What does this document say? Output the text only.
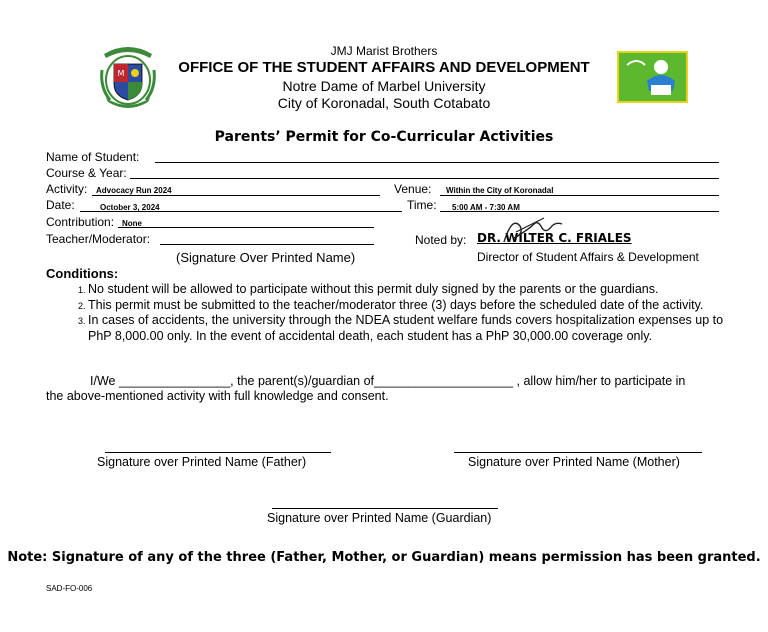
M
JMJ Marist Brothers
OFFICE OF THE STUDENT AFFAIRS AND DEVELOPMENT
Notre Dame of Marbel University
City of Koronadal, South Cotabato
Parents’ Permit for Co-Curricular Activities
Name of Student:
Course & Year:
Activity: Advocacy Run 2024	Venue: Within the City of Koronadal
Date:	October 3, 2024	Time: 5:00 AM - 7:30 AM
Contribution: None
Teacher/Moderator:
(Signature Over Printed Name)
Noted by: DR. WILTER C. FRIALES
Director of Student Affairs & Development
Conditions:
1. No student will be allowed to participate without this permit duly signed by the parents or the guardians.
2. This permit must be submitted to the teacher/moderator three (3) days before the scheduled date of the activity.
3. In cases of accidents, the university through the NDEA student welfare funds covers hospitalization expenses up to PhP 8,000.00 only. In the event of accidental death, each student has a PhP 30,000.00 coverage only.
I/We ________________, the parent(s)/guardian of____________________ , allow him/her to participate in
the above-mentioned activity with full knowledge and consent.
Signature over Printed Name (Father)	Signature over Printed Name (Mother)
Signature over Printed Name (Guardian)
Note: Signature of any of the three (Father, Mother, or Guardian) means permission has been granted.
SAD-FO-006
